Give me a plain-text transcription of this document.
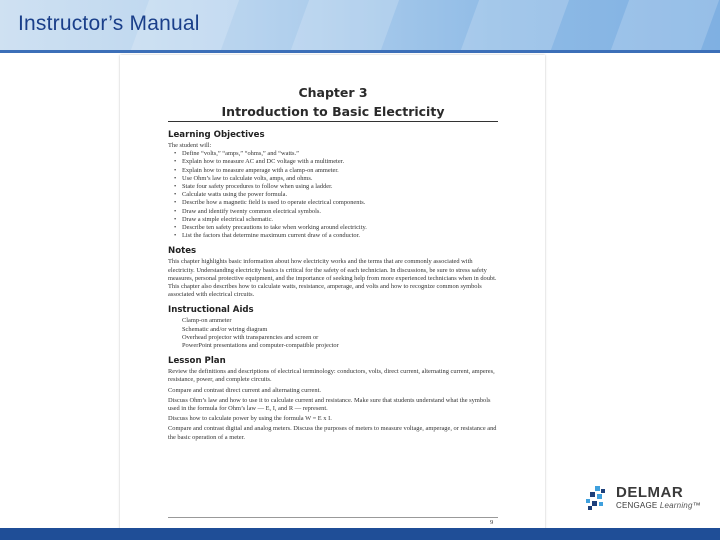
Instructor’s Manual
Chapter 3
Introduction to Basic Electricity
Learning Objectives
The student will:
• Define “volts,” “amps,” “ohms,” and “watts.”
• Explain how to measure AC and DC voltage with a multimeter.
• Explain how to measure amperage with a clamp-on ammeter.
• Use Ohm’s law to calculate volts, amps, and ohms.
• State four safety procedures to follow when using a ladder.
• Calculate watts using the power formula.
• Describe how a magnetic field is used to operate electrical components.
• Draw and identify twenty common electrical symbols.
• Draw a simple electrical schematic.
• Describe ten safety precautions to take when working around electricity.
• List the factors that determine maximum current draw of a conductor.
Notes
This chapter highlights basic information about how electricity works and the terms that are commonly associated with electricity. Understanding electricity basics is critical for the safety of each technician. In discussions, be sure to stress safety measures, personal protective equipment, and the importance of seeking help from more experienced technicians when in doubt. This chapter also describes how to calculate watts, resistance, amperage, and volts and how to recognize common symbols associated with electrical circuits.
Instructional Aids
Clamp-on ammeter
Schematic and/or wiring diagram
Overhead projector with transparencies and screen or
PowerPoint presentations and computer-compatible projector
Lesson Plan
Review the definitions and descriptions of electrical terminology: conductors, volts, direct current, alternating current, amperes, resistance, power, and complete circuits.
Compare and contrast direct current and alternating current.
Discuss Ohm’s law and how to use it to calculate current and resistance. Make sure that students understand what the symbols used in the formula for Ohm’s law — E, I, and R — represent.
Discuss how to calculate power by using the formula W = E x I.
Compare and contrast digital and analog meters. Discuss the purposes of meters to measure voltage, amperage, or resistance and the basic operation of a meter.
9
DELMAR
CENGAGE Learning™
